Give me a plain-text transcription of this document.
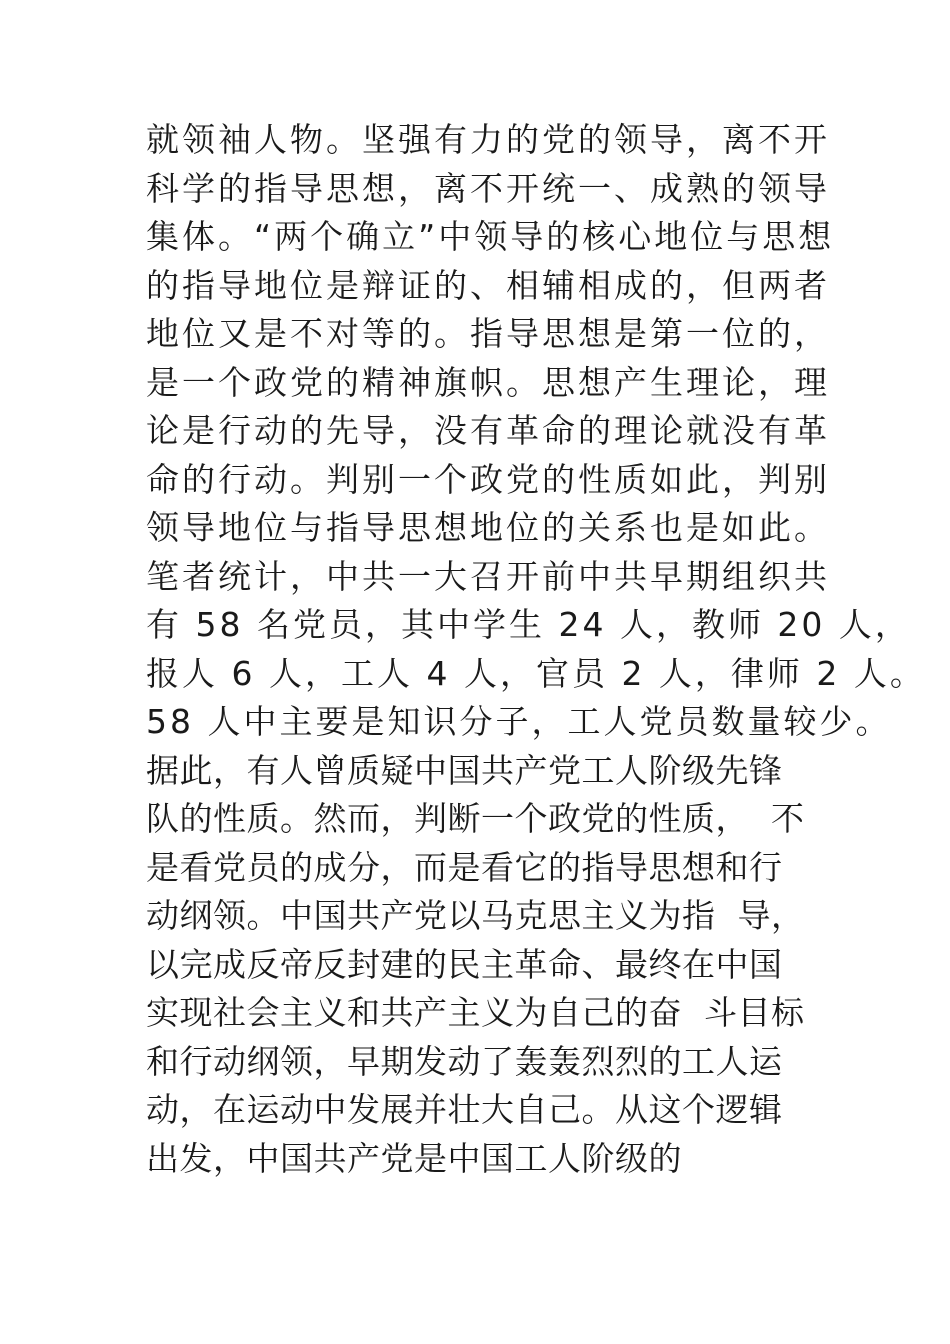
就领袖人物。坚强有力的党的领导，离不开
科学的指导思想，离不开统一、成熟的领导
集体。“两个确立”中领导的核心地位与思想
的指导地位是辩证的、相辅相成的，但两者
地位又是不对等的。指导思想是第一位的，
是一个政党的精神旗帜。思想产生理论，理
论是行动的先导，没有革命的理论就没有革
命的行动。判别一个政党的性质如此，判别
领导地位与指导思想地位的关系也是如此。
笔者统计，中共一大召开前中共早期组织共
有 58 名党员，其中学生 24 人，教师 20 人，
报人 6 人，工人 4 人，官员 2 人，律师 2 人。
58 人中主要是知识分子，工人党员数量较少。
据此，有人曾质疑中国共产党工人阶级先锋
队的性质。然而，判断一个政党的性质，  不
是看党员的成分，而是看它的指导思想和行
动纲领。中国共产党以马克思主义为指  导，
以完成反帝反封建的民主革命、最终在中国
实现社会主义和共产主义为自己的奋  斗目标
和行动纲领，早期发动了轰轰烈烈的工人运
动，在运动中发展并壮大自己。从这个逻辑
出发，中国共产党是中国工人阶级的
